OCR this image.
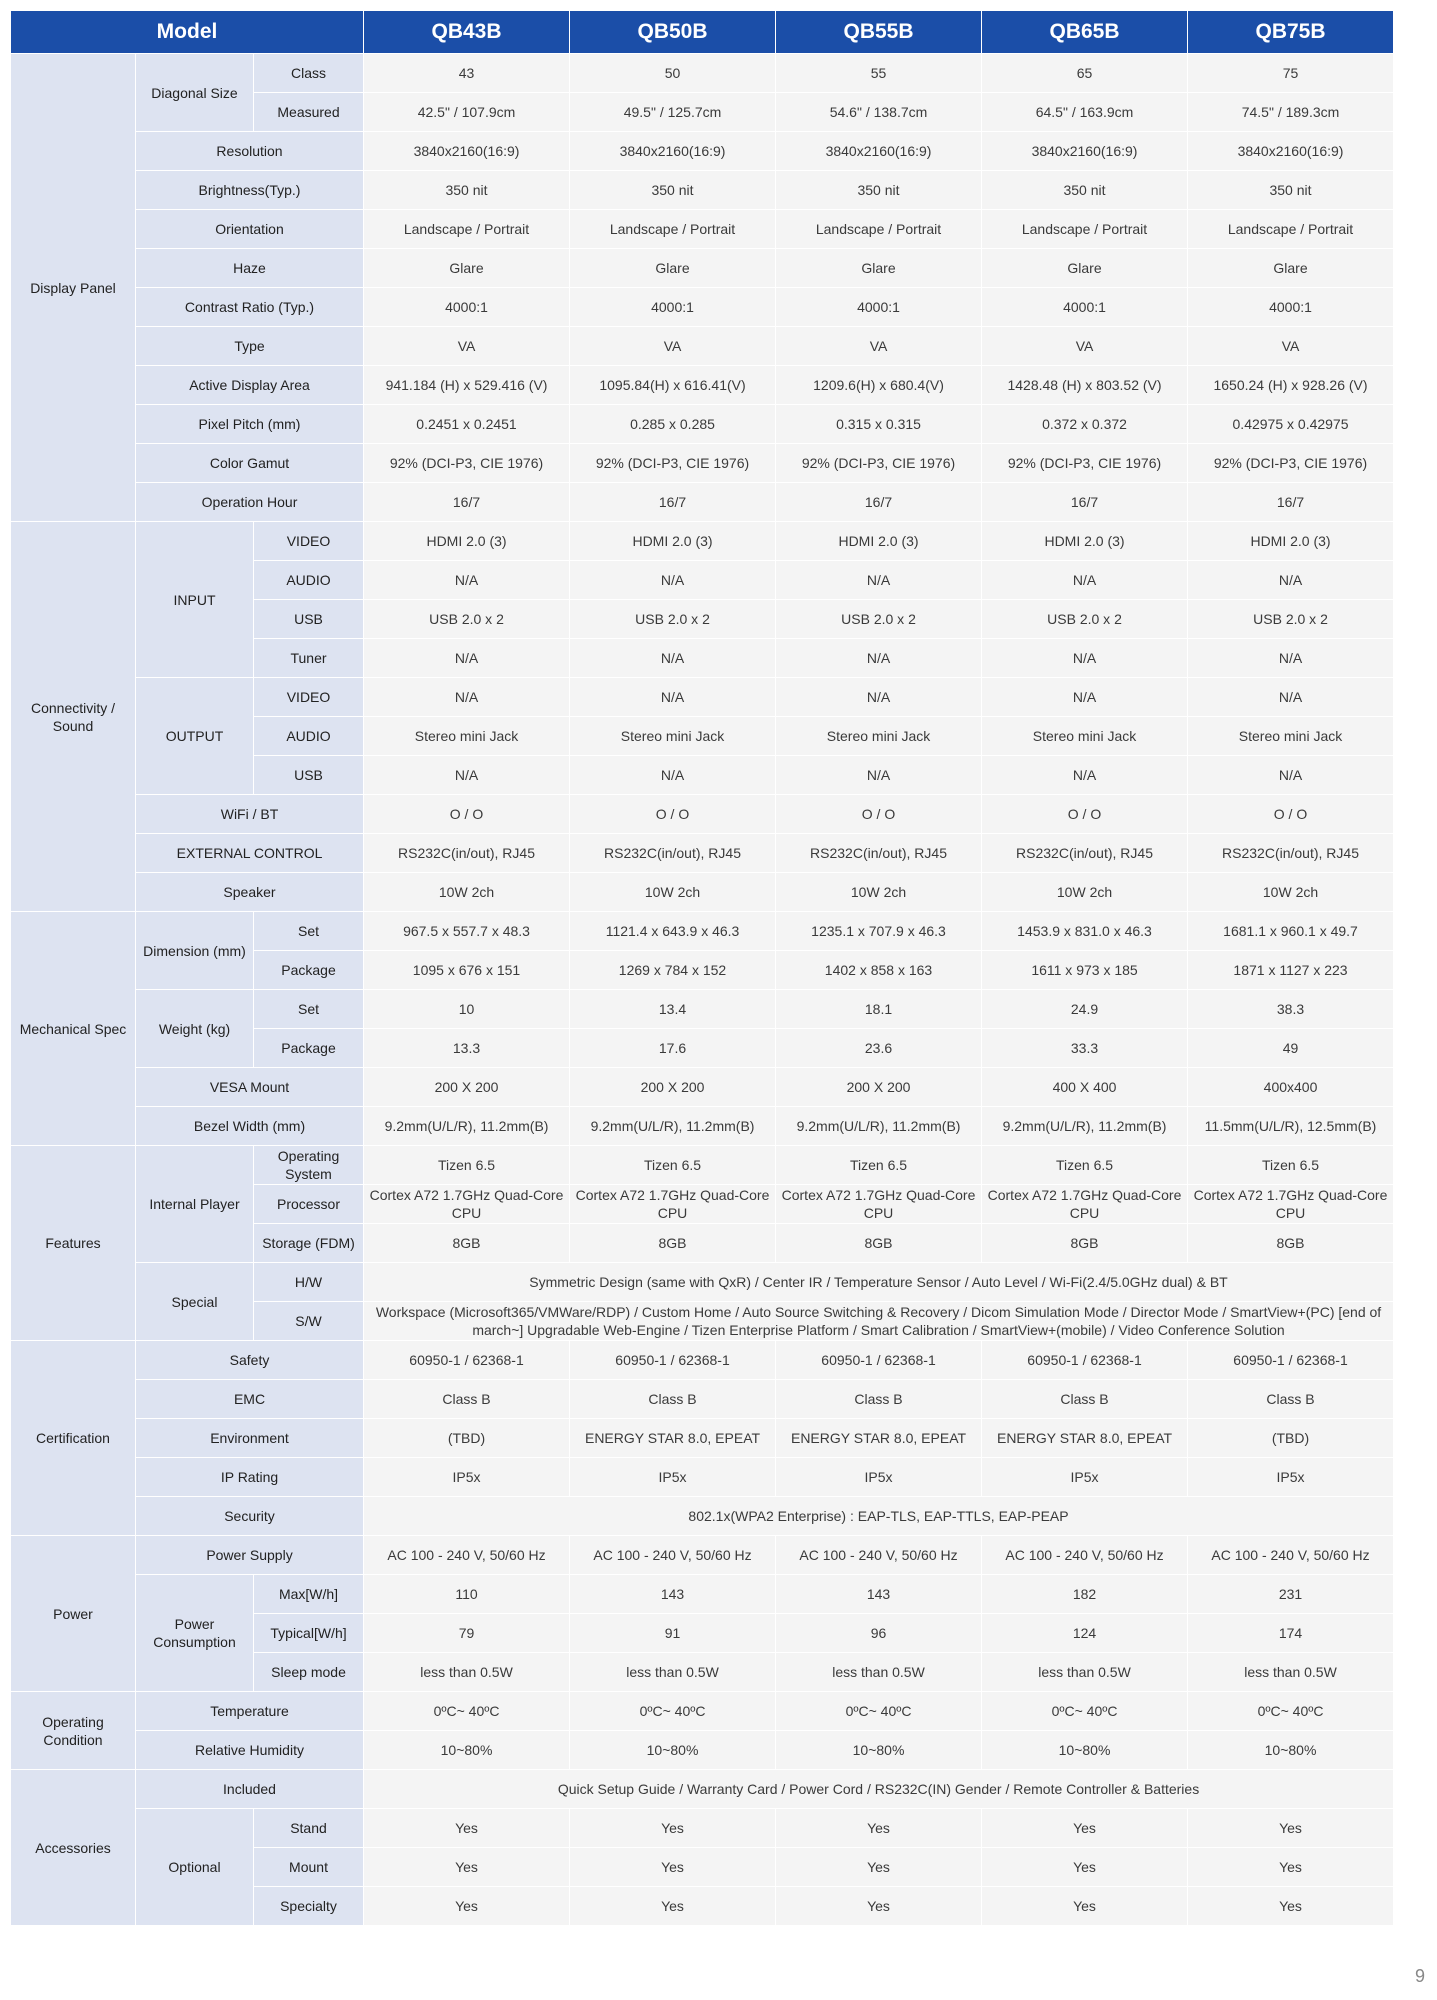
Model			QB43B	QB50B	QB55B	QB65B	QB75B
Display Panel	Diagonal Size	Class	43	50	55	65	75
		Measured	42.5" / 107.9cm	49.5" / 125.7cm	54.6" / 138.7cm	64.5" / 163.9cm	74.5" / 189.3cm
	Resolution		3840x2160(16:9)	3840x2160(16:9)	3840x2160(16:9)	3840x2160(16:9)	3840x2160(16:9)
	Brightness(Typ.)		350 nit	350 nit	350 nit	350 nit	350 nit
	Orientation		Landscape / Portrait	Landscape / Portrait	Landscape / Portrait	Landscape / Portrait	Landscape / Portrait
	Haze		Glare	Glare	Glare	Glare	Glare
	Contrast Ratio (Typ.)		4000:1	4000:1	4000:1	4000:1	4000:1
	Type		VA	VA	VA	VA	VA
	Active Display Area		941.184 (H) x 529.416 (V)	1095.84(H) x 616.41(V)	1209.6(H) x 680.4(V)	1428.48 (H) x 803.52 (V)	1650.24 (H) x 928.26 (V)
	Pixel Pitch (mm)		0.2451 x 0.2451	0.285 x 0.285	0.315 x 0.315	0.372 x 0.372	0.42975 x 0.42975
	Color Gamut		92% (DCI-P3, CIE 1976)	92% (DCI-P3, CIE 1976)	92% (DCI-P3, CIE 1976)	92% (DCI-P3, CIE 1976)	92% (DCI-P3, CIE 1976)
	Operation Hour		16/7	16/7	16/7	16/7	16/7
Connectivity / Sound	INPUT	VIDEO	HDMI 2.0 (3)	HDMI 2.0 (3)	HDMI 2.0 (3)	HDMI 2.0 (3)	HDMI 2.0 (3)
		AUDIO	N/A	N/A	N/A	N/A	N/A
		USB	USB 2.0 x 2	USB 2.0 x 2	USB 2.0 x 2	USB 2.0 x 2	USB 2.0 x 2
		Tuner	N/A	N/A	N/A	N/A	N/A
	OUTPUT	VIDEO	N/A	N/A	N/A	N/A	N/A
		AUDIO	Stereo mini Jack	Stereo mini Jack	Stereo mini Jack	Stereo mini Jack	Stereo mini Jack
		USB	N/A	N/A	N/A	N/A	N/A
	WiFi / BT		O / O	O / O	O / O	O / O	O / O
	EXTERNAL CONTROL		RS232C(in/out), RJ45	RS232C(in/out), RJ45	RS232C(in/out), RJ45	RS232C(in/out), RJ45	RS232C(in/out), RJ45
	Speaker		10W 2ch	10W 2ch	10W 2ch	10W 2ch	10W 2ch
Mechanical Spec	Dimension (mm)	Set	967.5 x 557.7 x 48.3	1121.4 x 643.9 x 46.3	1235.1 x 707.9 x 46.3	1453.9 x 831.0 x 46.3	1681.1 x 960.1 x 49.7
		Package	1095 x 676 x 151	1269 x 784 x 152	1402 x 858 x 163	1611 x 973 x 185	1871 x 1127 x 223
	Weight (kg)	Set	10	13.4	18.1	24.9	38.3
		Package	13.3	17.6	23.6	33.3	49
	VESA Mount		200 X 200	200 X 200	200 X 200	400 X 400	400x400
	Bezel Width (mm)		9.2mm(U/L/R), 11.2mm(B)	9.2mm(U/L/R), 11.2mm(B)	9.2mm(U/L/R), 11.2mm(B)	9.2mm(U/L/R), 11.2mm(B)	11.5mm(U/L/R), 12.5mm(B)
Features	Internal Player	Operating System	Tizen 6.5	Tizen 6.5	Tizen 6.5	Tizen 6.5	Tizen 6.5
		Processor	Cortex A72 1.7GHz Quad-Core CPU	Cortex A72 1.7GHz Quad-Core CPU	Cortex A72 1.7GHz Quad-Core CPU	Cortex A72 1.7GHz Quad-Core CPU	Cortex A72 1.7GHz Quad-Core CPU
		Storage (FDM)	8GB	8GB	8GB	8GB	8GB
	Special	H/W	Symmetric Design (same with QxR) / Center IR / Temperature Sensor / Auto Level / Wi-Fi(2.4/5.0GHz dual) & BT				
		S/W	Workspace (Microsoft365/VMWare/RDP) / Custom Home / Auto Source Switching & Recovery / Dicom Simulation Mode / Director Mode / SmartView+(PC) [end of march~] Upgradable Web-Engine / Tizen Enterprise Platform / Smart Calibration / SmartView+(mobile) / Video Conference Solution				
Certification	Safety		60950-1 / 62368-1	60950-1 / 62368-1	60950-1 / 62368-1	60950-1 / 62368-1	60950-1 / 62368-1
	EMC		Class B	Class B	Class B	Class B	Class B
	Environment		(TBD)	ENERGY STAR 8.0, EPEAT	ENERGY STAR 8.0, EPEAT	ENERGY STAR 8.0, EPEAT	(TBD)
	IP Rating		IP5x	IP5x	IP5x	IP5x	IP5x
	Security		802.1x(WPA2 Enterprise) : EAP-TLS, EAP-TTLS, EAP-PEAP				
Power	Power Supply		AC 100 - 240 V, 50/60 Hz	AC 100 - 240 V, 50/60 Hz	AC 100 - 240 V, 50/60 Hz	AC 100 - 240 V, 50/60 Hz	AC 100 - 240 V, 50/60 Hz
	Power Consumption	Max[W/h]	110	143	143	182	231
		Typical[W/h]	79	91	96	124	174
		Sleep mode	less than 0.5W	less than 0.5W	less than 0.5W	less than 0.5W	less than 0.5W
Operating Condition	Temperature		0ºC~ 40ºC	0ºC~ 40ºC	0ºC~ 40ºC	0ºC~ 40ºC	0ºC~ 40ºC
	Relative Humidity		10~80%	10~80%	10~80%	10~80%	10~80%
Accessories	Included		Quick Setup Guide / Warranty Card / Power Cord / RS232C(IN) Gender / Remote Controller & Batteries				
	Optional	Stand	Yes	Yes	Yes	Yes	Yes
		Mount	Yes	Yes	Yes	Yes	Yes
		Specialty	Yes	Yes	Yes	Yes	Yes
9
